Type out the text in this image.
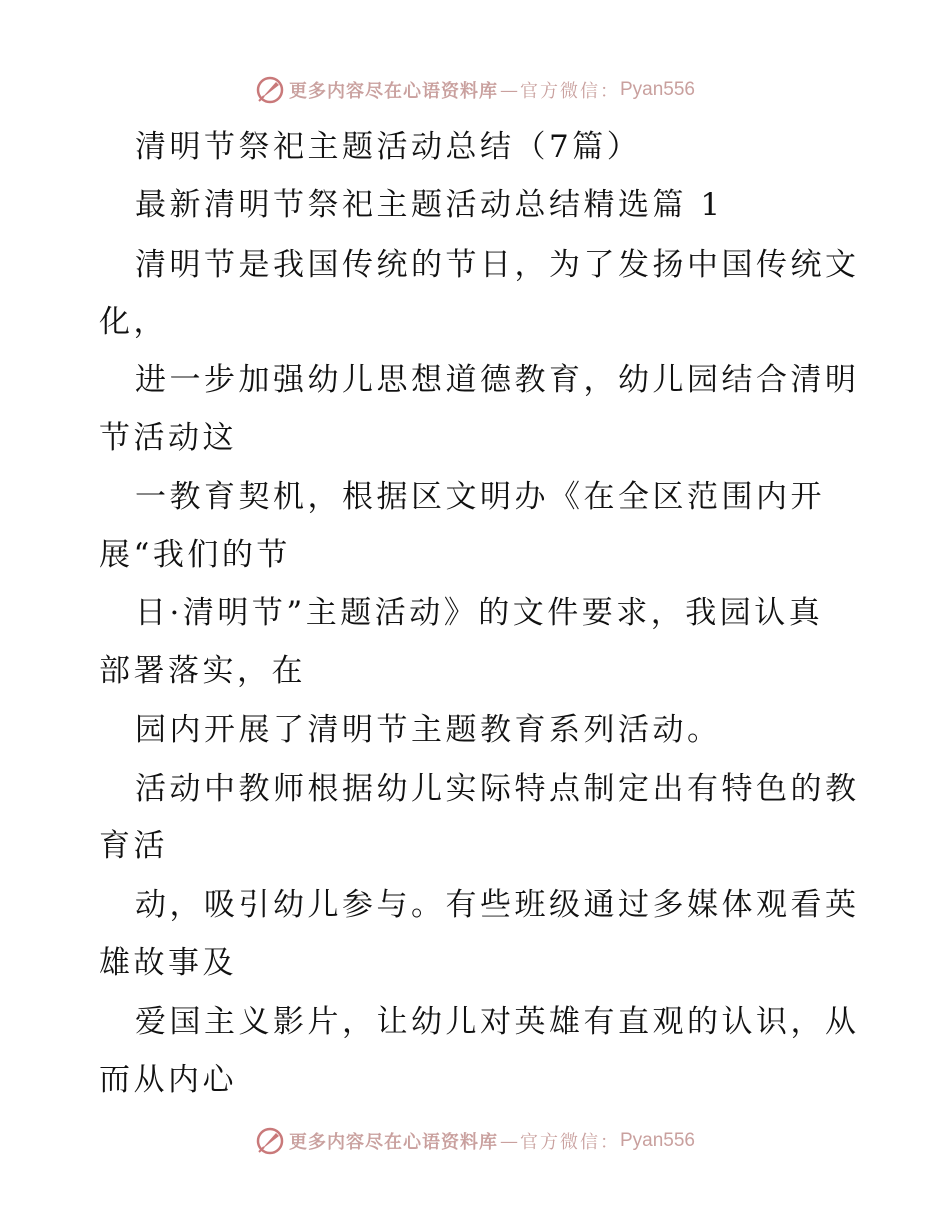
更多内容尽在心语资料库 — 官方微信： Pyan556
清明节祭祀主题活动总结（7篇）
最新清明节祭祀主题活动总结精选篇 1
清明节是我国传统的节日，为了发扬中国传统文
化，
进一步加强幼儿思想道德教育，幼儿园结合清明
节活动这
一教育契机，根据区文明办《在全区范围内开
展“我们的节
日·清明节”主题活动》的文件要求，我园认真
部署落实，在
园内开展了清明节主题教育系列活动。
活动中教师根据幼儿实际特点制定出有特色的教
育活
动，吸引幼儿参与。有些班级通过多媒体观看英
雄故事及
爱国主义影片，让幼儿对英雄有直观的认识，从
而从内心
更多内容尽在心语资料库 — 官方微信： Pyan556
